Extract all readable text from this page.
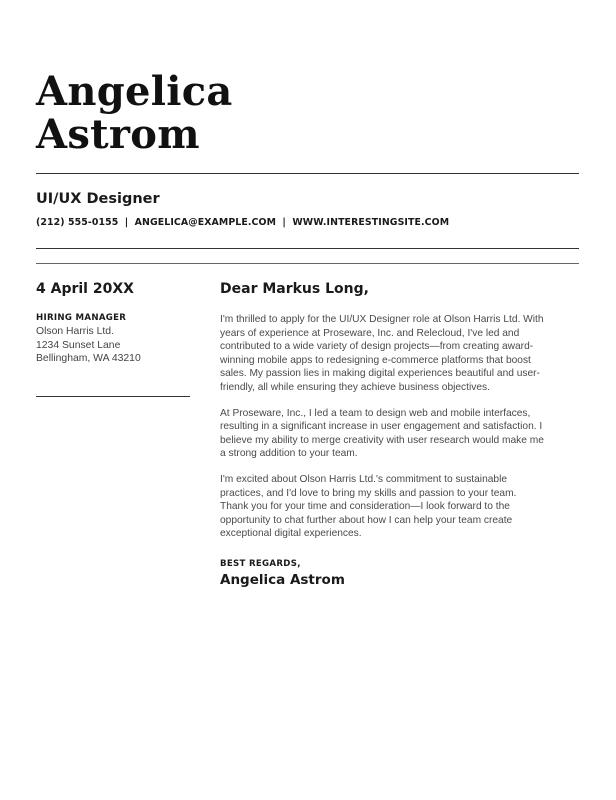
Angelica
Astrom
UI/UX Designer
(212) 555-0155 | ANGELICA@EXAMPLE.COM | WWW.INTERESTINGSITE.COM
4 April 20XX
HIRING MANAGER
Olson Harris Ltd.
1234 Sunset Lane
Bellingham, WA 43210
Dear Markus Long,

I'm thrilled to apply for the UI/UX Designer role at Olson Harris Ltd. With years of experience at Proseware, Inc. and Relecloud, I've led and contributed to a wide variety of design projects—from creating award-winning mobile apps to redesigning e-commerce platforms that boost sales. My passion lies in making digital experiences beautiful and user-friendly, all while ensuring they achieve business objectives.

At Proseware, Inc., I led a team to design web and mobile interfaces, resulting in a significant increase in user engagement and satisfaction. I believe my ability to merge creativity with user research would make me a strong addition to your team.

I'm excited about Olson Harris Ltd.'s commitment to sustainable practices, and I'd love to bring my skills and passion to your team. Thank you for your time and consideration—I look forward to the opportunity to chat further about how I can help your team create exceptional digital experiences.

BEST REGARDS,
Angelica Astrom
